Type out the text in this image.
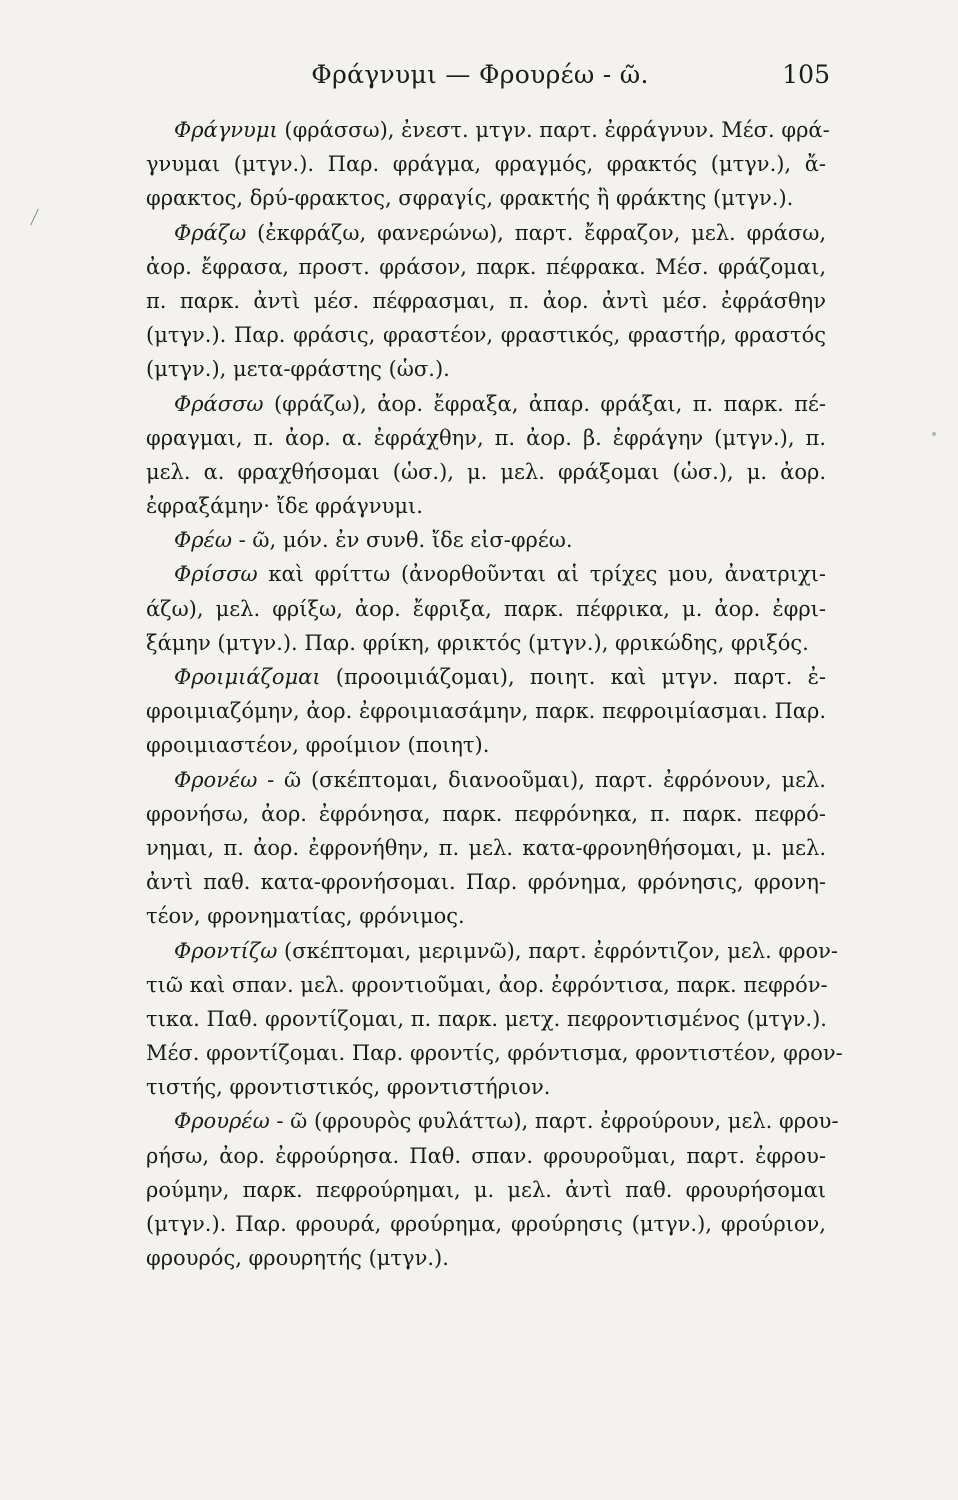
Φράγνυμι — Φρουρέω - ῶ.	105
Φράγνυμι (φράσσω), ἐνεστ. μτγν. παρτ. ἐφράγνυν. Μέσ. φρά-
γνυμαι (μτγν.). Παρ. φράγμα, φραγμός, φρακτός (μτγν.), ἄ-
φρακτος, δρύ-φρακτος, σφραγίς, φρακτής ἢ φράκτης (μτγν.).
Φράζω (ἐκφράζω, φανερώνω), παρτ. ἔφραζον, μελ. φράσω,
ἀορ. ἔφρασα, προστ. φράσον, παρκ. πέφρακα. Μέσ. φράζομαι,
π. παρκ. ἀντὶ μέσ. πέφρασμαι, π. ἀορ. ἀντὶ μέσ. ἐφράσθην
(μτγν.). Παρ. φράσις, φραστέον, φραστικός, φραστήρ, φραστός
(μτγν.), μετα-φράστης (ὡσ.).
Φράσσω (φράζω), ἀορ. ἔφραξα, ἀπαρ. φράξαι, π. παρκ. πέ-
φραγμαι, π. ἀορ. α. ἐφράχθην, π. ἀορ. β. ἐφράγην (μτγν.), π.
μελ. α. φραχθήσομαι (ὡσ.), μ. μελ. φράξομαι (ὡσ.), μ. ἀορ.
ἐφραξάμην· ἴδε φράγνυμι.
Φρέω - ῶ, μόν. ἐν συνθ. ἴδε εἰσ-φρέω.
Φρίσσω καὶ φρίττω (ἀνορθοῦνται αἱ τρίχες μου, ἀνατριχι-
άζω), μελ. φρίξω, ἀορ. ἔφριξα, παρκ. πέφρικα, μ. ἀορ. ἐφρι-
ξάμην (μτγν.). Παρ. φρίκη, φρικτός (μτγν.), φρικώδης, φριξός.
Φροιμιάζομαι (προοιμιάζομαι), ποιητ. καὶ μτγν. παρτ. ἐ-
φροιμιαζόμην, ἀορ. ἐφροιμιασάμην, παρκ. πεφροιμίασμαι. Παρ.
φροιμιαστέον, φροίμιον (ποιητ).
Φρονέω - ῶ (σκέπτομαι, διανοοῦμαι), παρτ. ἐφρόνουν, μελ.
φρονήσω, ἀορ. ἐφρόνησα, παρκ. πεφρόνηκα, π. παρκ. πεφρό-
νημαι, π. ἀορ. ἐφρονήθην, π. μελ. κατα-φρονηθήσομαι, μ. μελ.
ἀντὶ παθ. κατα-φρονήσομαι. Παρ. φρόνημα, φρόνησις, φρονη-
τέον, φρονηματίας, φρόνιμος.
Φροντίζω (σκέπτομαι, μεριμνῶ), παρτ. ἐφρόντιζον, μελ. φρον-
τιῶ καὶ σπαν. μελ. φροντιοῦμαι, ἀορ. ἐφρόντισα, παρκ. πεφρόν-
τικα. Παθ. φροντίζομαι, π. παρκ. μετχ. πεφροντισμένος (μτγν.).
Μέσ. φροντίζομαι. Παρ. φροντίς, φρόντισμα, φροντιστέον, φρον-
τιστής, φροντιστικός, φροντιστήριον.
Φρουρέω - ῶ (φρουρὸς φυλάττω), παρτ. ἐφρούρουν, μελ. φρου-
ρήσω, ἀορ. ἐφρούρησα. Παθ. σπαν. φρουροῦμαι, παρτ. ἐφρου-
ρούμην, παρκ. πεφρούρημαι, μ. μελ. ἀντὶ παθ. φρουρήσομαι
(μτγν.). Παρ. φρουρά, φρούρημα, φρούρησις (μτγν.), φρούριον,
φρουρός, φρουρητής (μτγν.).
